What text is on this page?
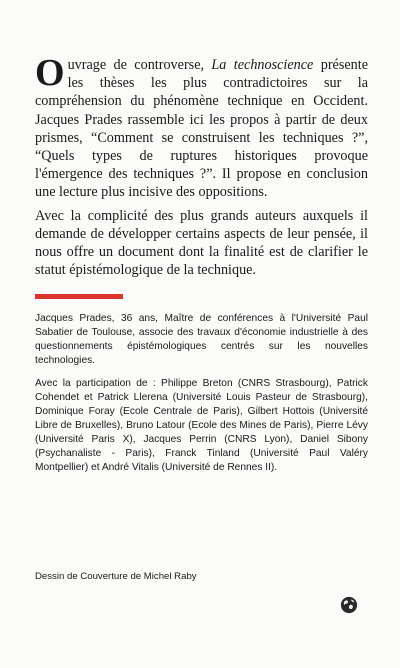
Ouvrage de controverse, La technoscience présente les thèses les plus contradictoires sur la compréhension du phénomène technique en Occident. Jacques Prades rassemble ici les propos à partir de deux prismes, “Comment se construisent les techniques ?”, “Quels types de ruptures historiques provoque l'émergence des techniques ?”. Il propose en conclusion une lecture plus incisive des oppositions.

Avec la complicité des plus grands auteurs auxquels il demande de développer certains aspects de leur pensée, il nous offre un document dont la finalité est de clarifier le statut épistémologique de la technique.

Jacques Prades, 36 ans, Maître de conférences à l'Université Paul Sabatier de Toulouse, associe des travaux d'économie industrielle à des questionnements épistémologiques centrés sur les nouvelles technologies.
Avec la participation de : Philippe Breton (CNRS Strasbourg), Patrick Cohendet et Patrick Llerena (Université Louis Pasteur de Strasbourg), Dominique Foray (Ecole Centrale de Paris), Gilbert Hottois (Université Libre de Bruxelles), Bruno Latour (Ecole des Mines de Paris), Pierre Lévy (Université Paris X), Jacques Perrin (CNRS Lyon), Daniel Sibony (Psychanaliste - Paris), Franck Tinland (Université Paul Valéry Montpellier) et André Vitalis (Université de Rennes II).
Dessin de Couverture de Michel Raby
